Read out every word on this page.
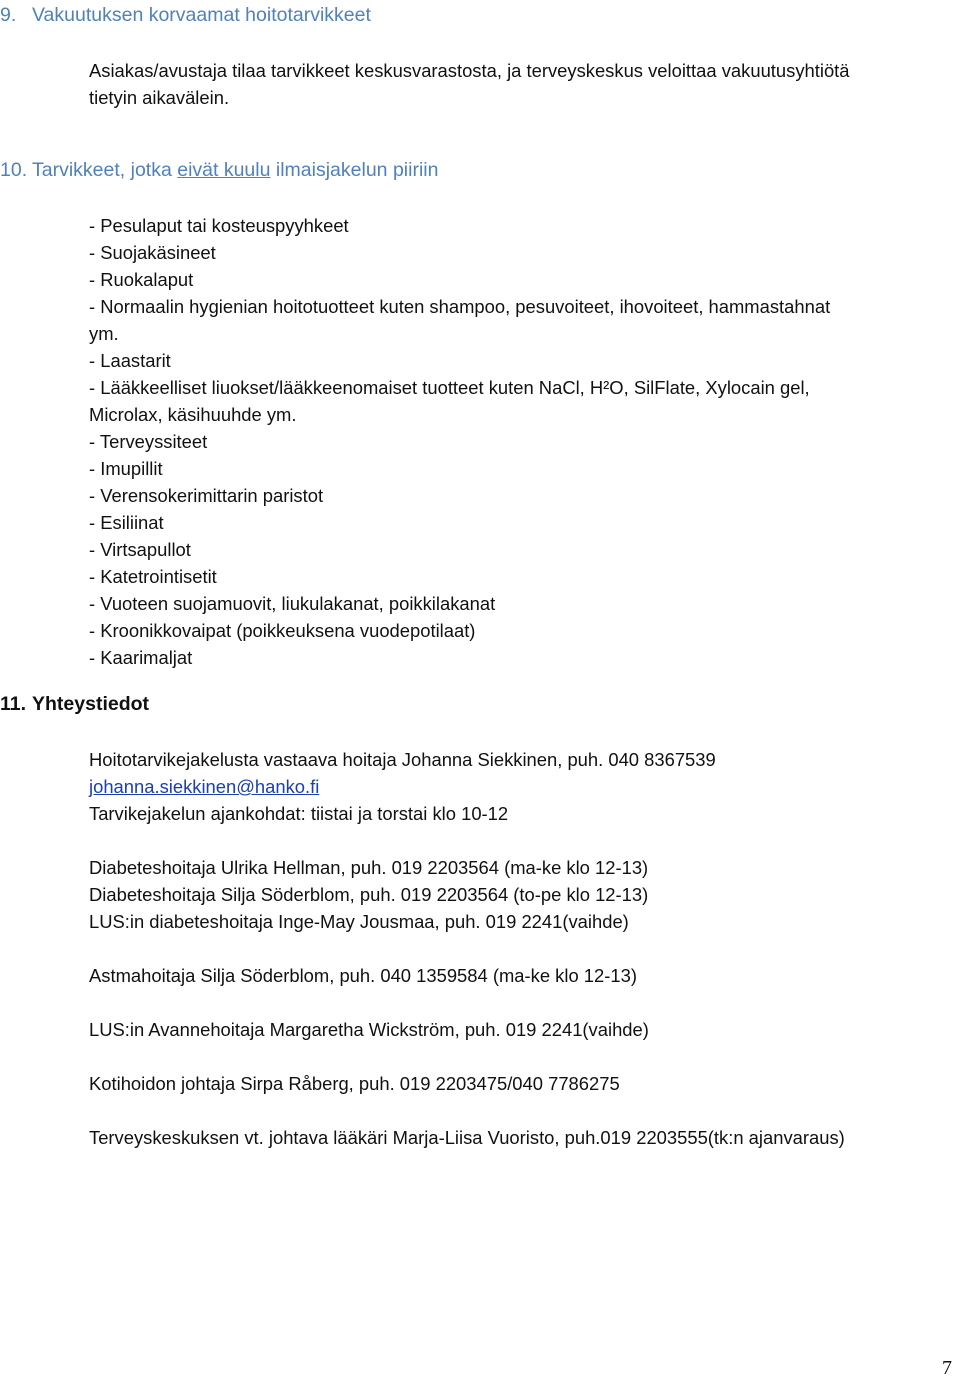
9. Vakuutuksen korvaamat hoitotarvikkeet
Asiakas/avustaja tilaa tarvikkeet keskusvarastosta, ja terveyskeskus veloittaa vakuutusyhtiötä
tietyin aikavälein.
10. Tarvikkeet, jotka eivät kuulu ilmaisjakelun piiriin
- Pesulaput tai kosteuspyyhkeet
- Suojakäsineet
- Ruokalaput
- Normaalin hygienian hoitotuotteet kuten shampoo, pesuvoiteet, ihovoiteet, hammastahnat
ym.
- Laastarit
- Lääkkeelliset liuokset/lääkkeenomaiset tuotteet kuten NaCl, H²O, SilFlate, Xylocain gel,
Microlax, käsihuuhde ym.
- Terveyssiteet
- Imupillit
- Verensokerimittarin paristot
- Esiliinat
- Virtsapullot
- Katetrointisetit
- Vuoteen suojamuovit, liukulakanat, poikkilakanat
- Kroonikkovaipat (poikkeuksena vuodepotilaat)
- Kaarimaljat
11. Yhteystiedot
Hoitotarvikejakelusta vastaava hoitaja Johanna Siekkinen, puh. 040 8367539
johanna.siekkinen@hanko.fi
Tarvikejakelun ajankohdat: tiistai ja torstai klo 10-12
Diabeteshoitaja Ulrika Hellman, puh. 019 2203564 (ma-ke klo 12-13)
Diabeteshoitaja Silja Söderblom, puh. 019 2203564 (to-pe klo 12-13)
LUS:in diabeteshoitaja Inge-May Jousmaa, puh. 019 2241(vaihde)
Astmahoitaja Silja Söderblom, puh. 040 1359584 (ma-ke klo 12-13)
LUS:in Avannehoitaja Margaretha Wickström, puh. 019 2241(vaihde)
Kotihoidon johtaja Sirpa Råberg, puh. 019 2203475/040 7786275
Terveyskeskuksen vt. johtava lääkäri Marja-Liisa Vuoristo, puh.019 2203555(tk:n ajanvaraus)
7
